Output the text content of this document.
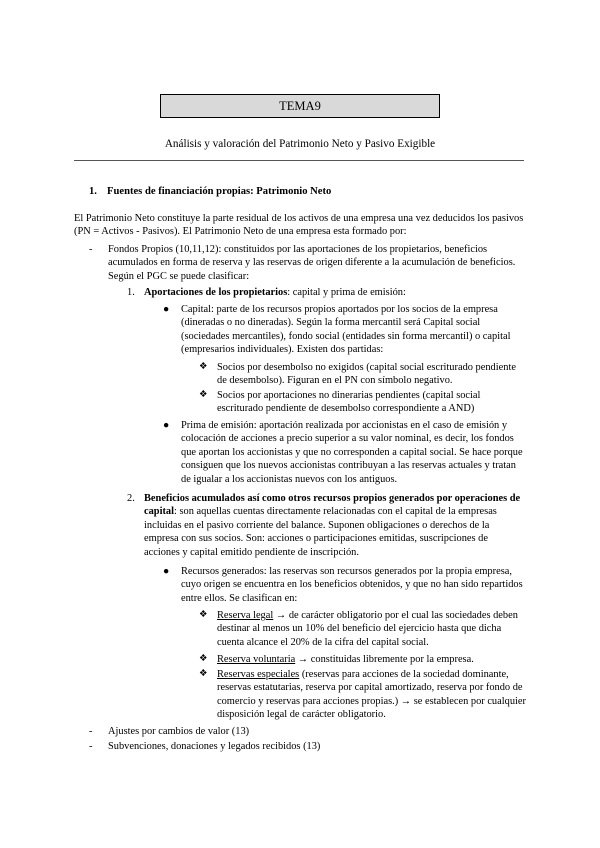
TEMA9
Análisis y valoración del Patrimonio Neto y Pasivo Exigible
1. Fuentes de financiación propias: Patrimonio Neto
El Patrimonio Neto constituye la parte residual de los activos de una empresa una vez deducidos los pasivos (PN = Activos - Pasivos). El Patrimonio Neto de una empresa esta formado por:
- Fondos Propios (10,11,12): constituidos por las aportaciones de los propietarios, beneficios acumulados en forma de reserva y las reservas de origen diferente a la acumulación de beneficios. Según el PGC se puede clasificar:
1. Aportaciones de los propietarios: capital y prima de emisión:
● Capital: parte de los recursos propios aportados por los socios de la empresa (dineradas o no dineradas). Según la forma mercantil será Capital social (sociedades mercantiles), fondo social (entidades sin forma mercantil) o capital (empresarios individuales). Existen dos partidas:
❖ Socios por desembolso no exigidos (capital social escriturado pendiente de desembolso). Figuran en el PN con símbolo negativo.
❖ Socios por aportaciones no dinerarias pendientes (capital social escriturado pendiente de desembolso correspondiente a AND)
● Prima de emisión: aportación realizada por accionistas en el caso de emisión y colocación de acciones a precio superior a su valor nominal, es decir, los fondos que aportan los accionistas y que no corresponden a capital social. Se hace porque consiguen que los nuevos accionistas contribuyan a las reservas actuales y tratan de igualar a los accionistas nuevos con los antiguos.
2. Beneficios acumulados así como otros recursos propios generados por operaciones de capital: son aquellas cuentas directamente relacionadas con el capital de la empresas incluidas en el pasivo corriente del balance. Suponen obligaciones o derechos de la empresa con sus socios. Son: acciones o participaciones emitidas, suscripciones de acciones y capital emitido pendiente de inscripción.
● Recursos generados: las reservas son recursos generados por la propia empresa, cuyo origen se encuentra en los beneficios obtenidos, y que no han sido repartidos entre ellos. Se clasifican en:
❖ Reserva legal → de carácter obligatorio por el cual las sociedades deben destinar al menos un 10% del beneficio del ejercicio hasta que dicha cuenta alcance el 20% de la cifra del capital social.
❖ Reserva voluntaria → constituidas libremente por la empresa.
❖ Reservas especiales (reservas para acciones de la sociedad dominante, reservas estatutarias, reserva por capital amortizado, reserva por fondo de comercio y reservas para acciones propias.) → se establecen por cualquier disposición legal de carácter obligatorio.
- Ajustes por cambios de valor (13)
- Subvenciones, donaciones y legados recibidos (13)
